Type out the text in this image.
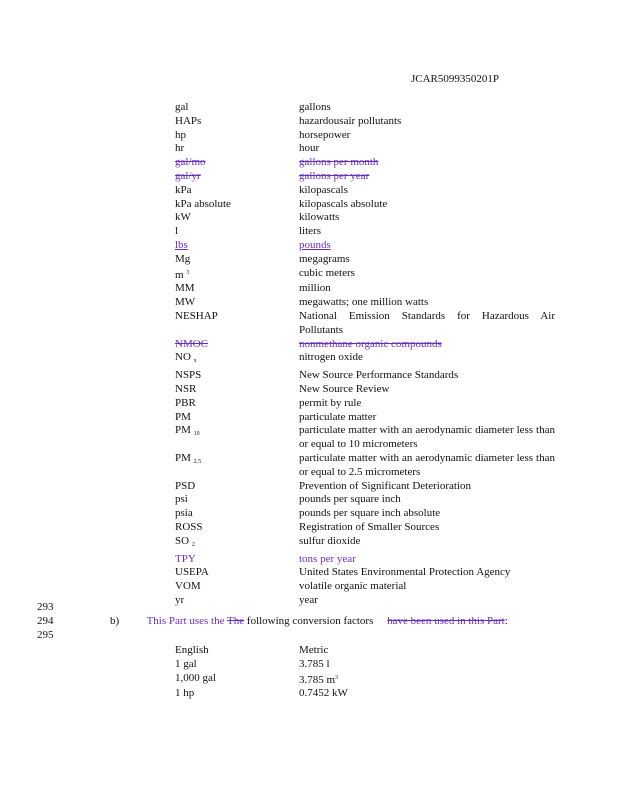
JCAR5099350201P
gal	gallons
HAPs	hazardousair pollutants
hp	horsepower
hr	hour
gal/mo	gallons per month
gal/yr	gallons per year
kPa	kilopascals
kPa absolute	kilopascals absolute
kW	kilowatts
l	liters
lbs	pounds
Mg	megagrams
m $^3$	cubic meters
MM	million
MW	megawatts; one million watts
NESHAP	National Emission Standards for Hazardous Air Pollutants
NMOC	nonmethane organic compounds
NO $_x$	nitrogen oxide
NSPS	New Source Performance Standards
NSR	New Source Review
PBR	permit by rule
PM	particulate matter
PM $_{10}$	particulate matter with an aerodynamic diameter less than or equal to 10 micrometers
PM $_{2.5}$	particulate matter with an aerodynamic diameter less than or equal to 2.5 micrometers
PSD	Prevention of Significant Deterioration
psi	pounds per square inch
psia	pounds per square inch absolute
ROSS	Registration of Smaller Sources
SO $_2$	sulfur dioxide
TPY	tons per year
USEPA	United States Environmental Protection Agency
VOM	volatile organic material
yr	year
293
294
295
b) This Part uses the The following conversion factors have been used in this Part:
English	Metric
1 gal	3.785 l
1,000 gal	3.785 $m^3$
1 hp	0.7452 kW
